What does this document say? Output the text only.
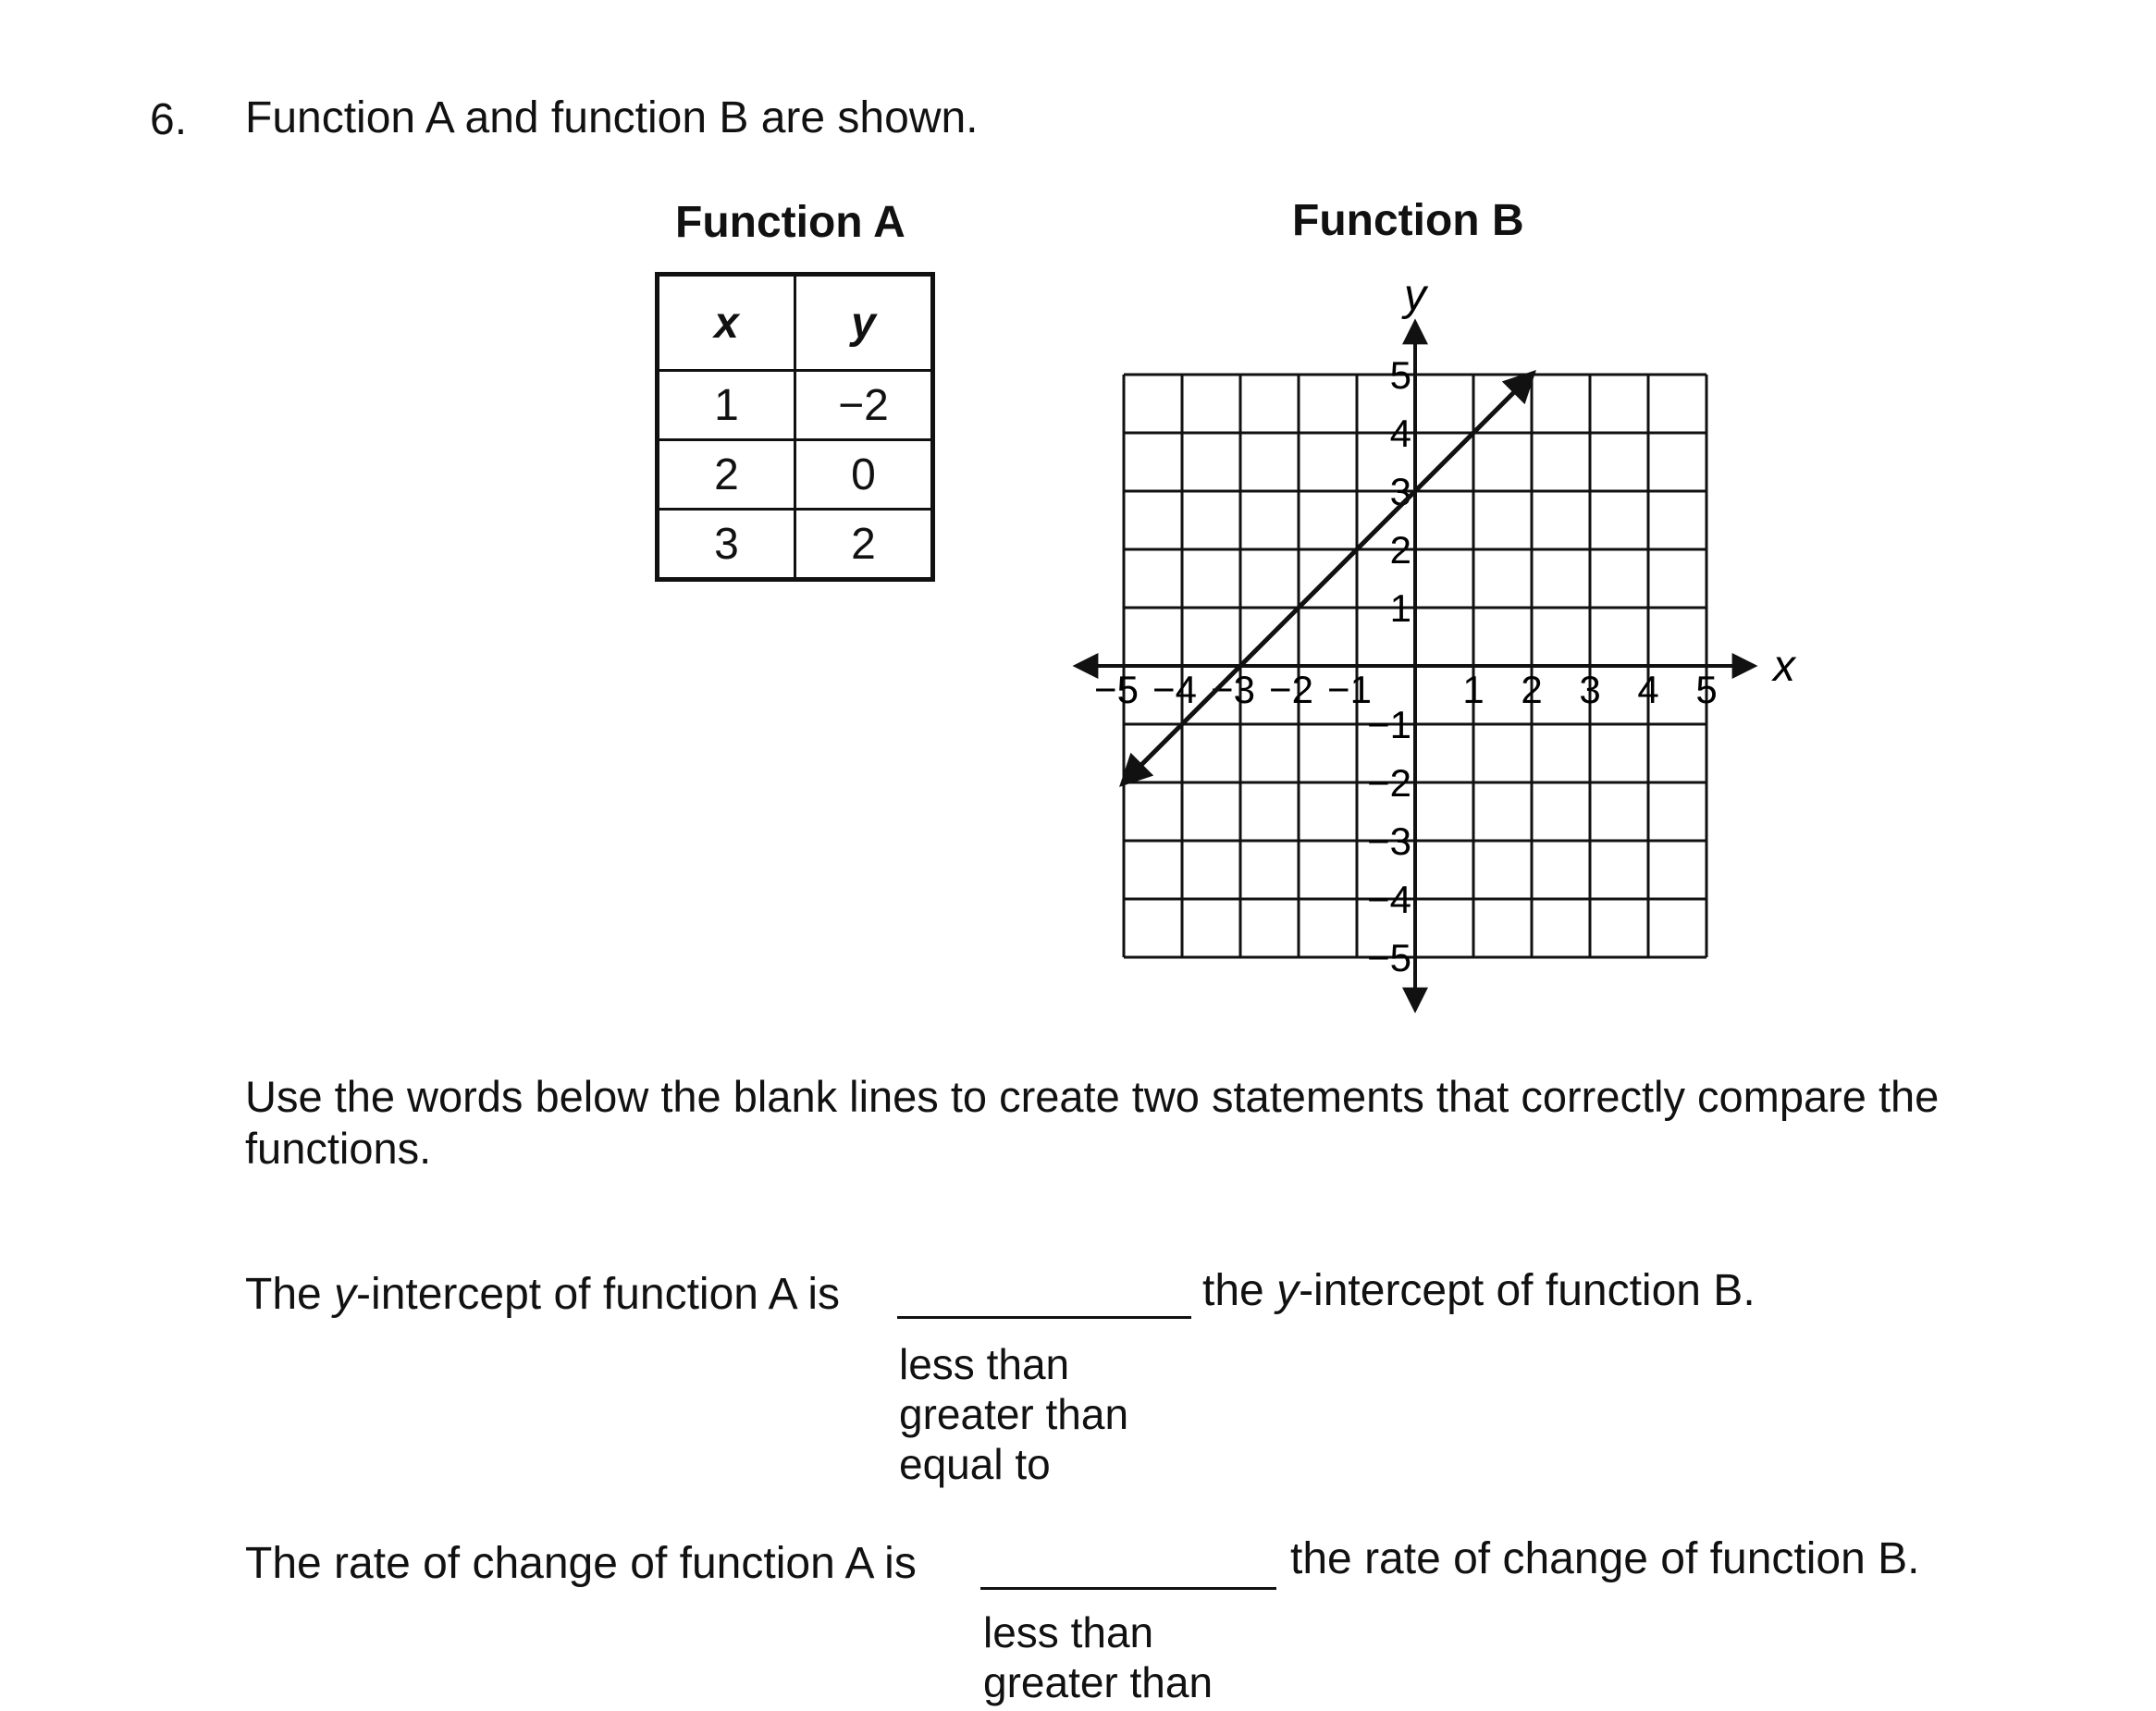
6. Function A and function B are shown.
Function A	Function B
x	y
1	−2
2	0
3	2
x
y
−5 −4 −3 −2 −1 1 2 3 4 5
5
4
3
2
1
−1
−2
−3
−4
−5
Use the words below the blank lines to create two statements that correctly compare the functions.
The y-intercept of function A is	the y-intercept of function B.
less than
greater than
equal to
The rate of change of function A is	the rate of change of function B.
less than
greater than
